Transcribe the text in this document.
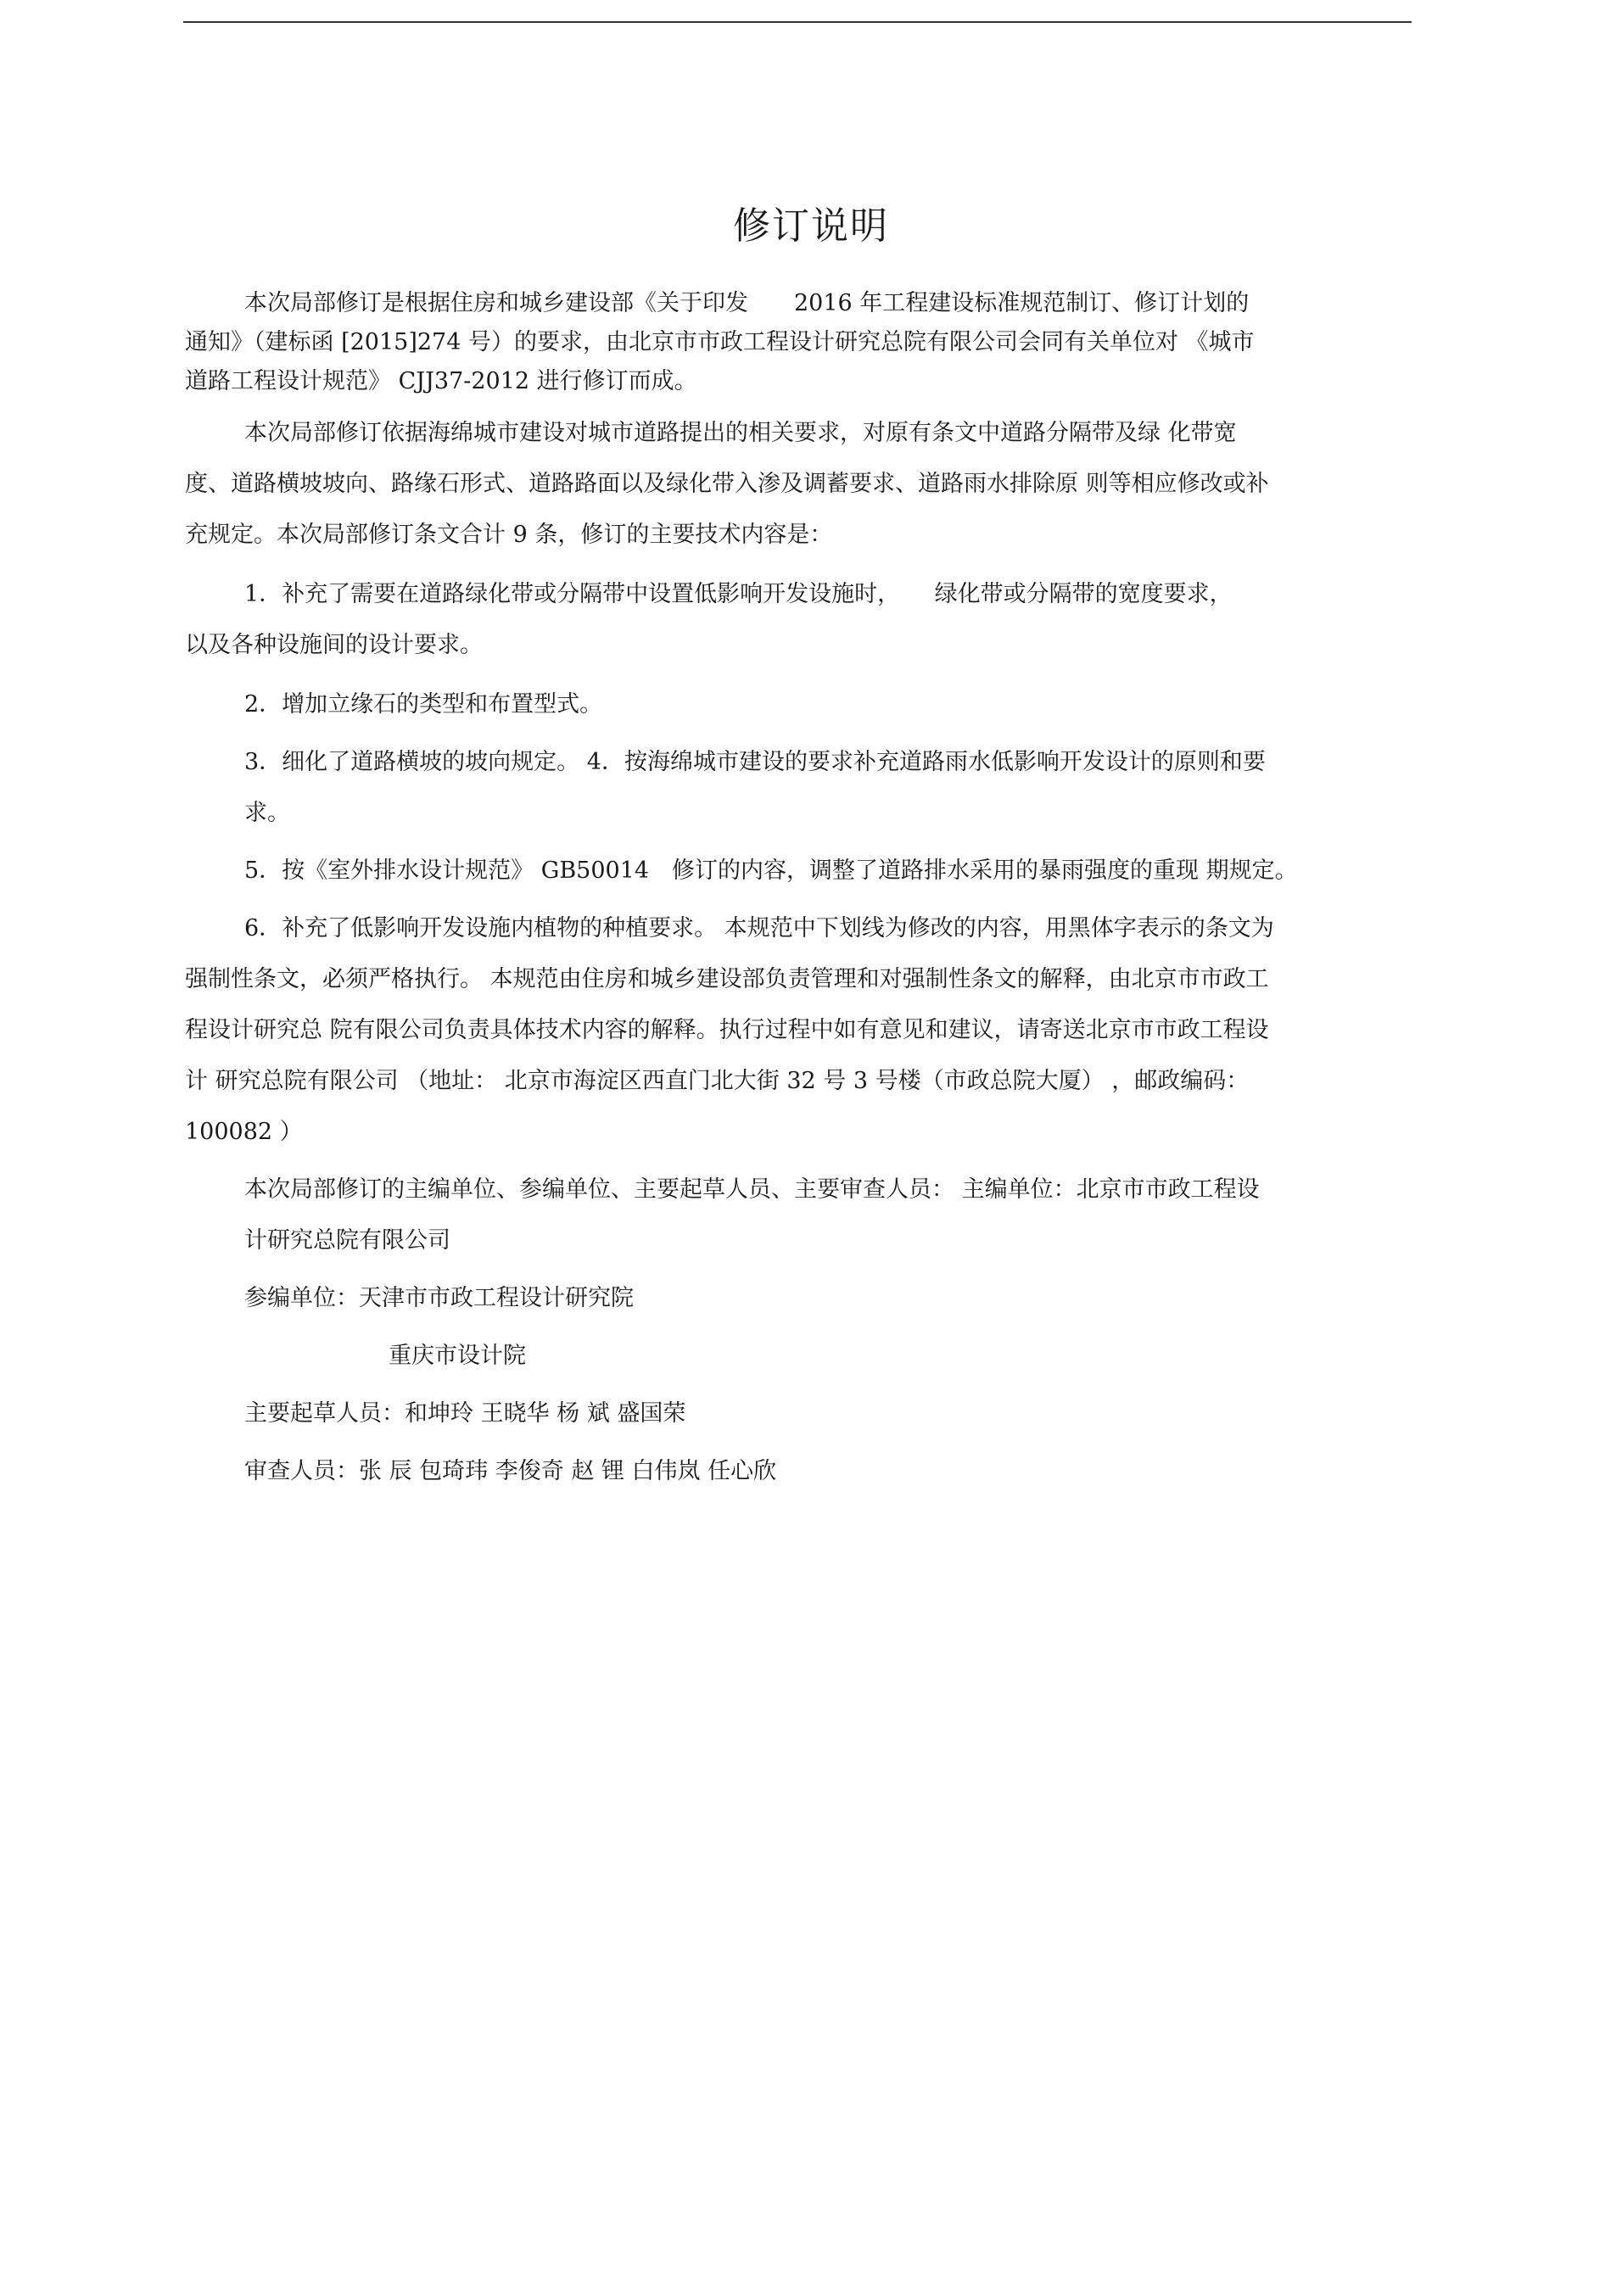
修订说明

本次局部修订是根据住房和城乡建设部《关于印发　　2016 年工程建设标准规范制订、修订计划的

通知》（建标函 [2015]274 号）的要求，由北京市市政工程设计研究总院有限公司会同有关单位对 《城市

道路工程设计规范》 CJJ37-2012 进行修订而成。

本次局部修订依据海绵城市建设对城市道路提出的相关要求，对原有条文中道路分隔带及绿 化带宽

度、道路横坡坡向、路缘石形式、道路路面以及绿化带入渗及调蓄要求、道路雨水排除原 则等相应修改或补

充规定。本次局部修订条文合计 9 条，修订的主要技术内容是：

1．补充了需要在道路绿化带或分隔带中设置低影响开发设施时，　　绿化带或分隔带的宽度要求，

以及各种设施间的设计要求。

2．增加立缘石的类型和布置型式。

3．细化了道路横坡的坡向规定。 4．按海绵城市建设的要求补充道路雨水低影响开发设计的原则和要

求。

5．按《室外排水设计规范》 GB50014　修订的内容，调整了道路排水采用的暴雨强度的重现 期规定。

6．补充了低影响开发设施内植物的种植要求。 本规范中下划线为修改的内容，用黑体字表示的条文为

强制性条文，必须严格执行。 本规范由住房和城乡建设部负责管理和对强制性条文的解释，由北京市市政工

程设计研究总 院有限公司负责具体技术内容的解释。执行过程中如有意见和建议，请寄送北京市市政工程设

计 研究总院有限公司 （地址： 北京市海淀区西直门北大街 32 号 3 号楼（市政总院大厦） ，邮政编码：

100082 ）

本次局部修订的主编单位、参编单位、主要起草人员、主要审查人员： 主编单位：北京市市政工程设

计研究总院有限公司

参编单位：天津市市政工程设计研究院

重庆市设计院

主要起草人员：和坤玲 王晓华 杨 斌 盛国荣

审查人员：张 辰 包琦玮 李俊奇 赵 锂 白伟岚 任心欣
